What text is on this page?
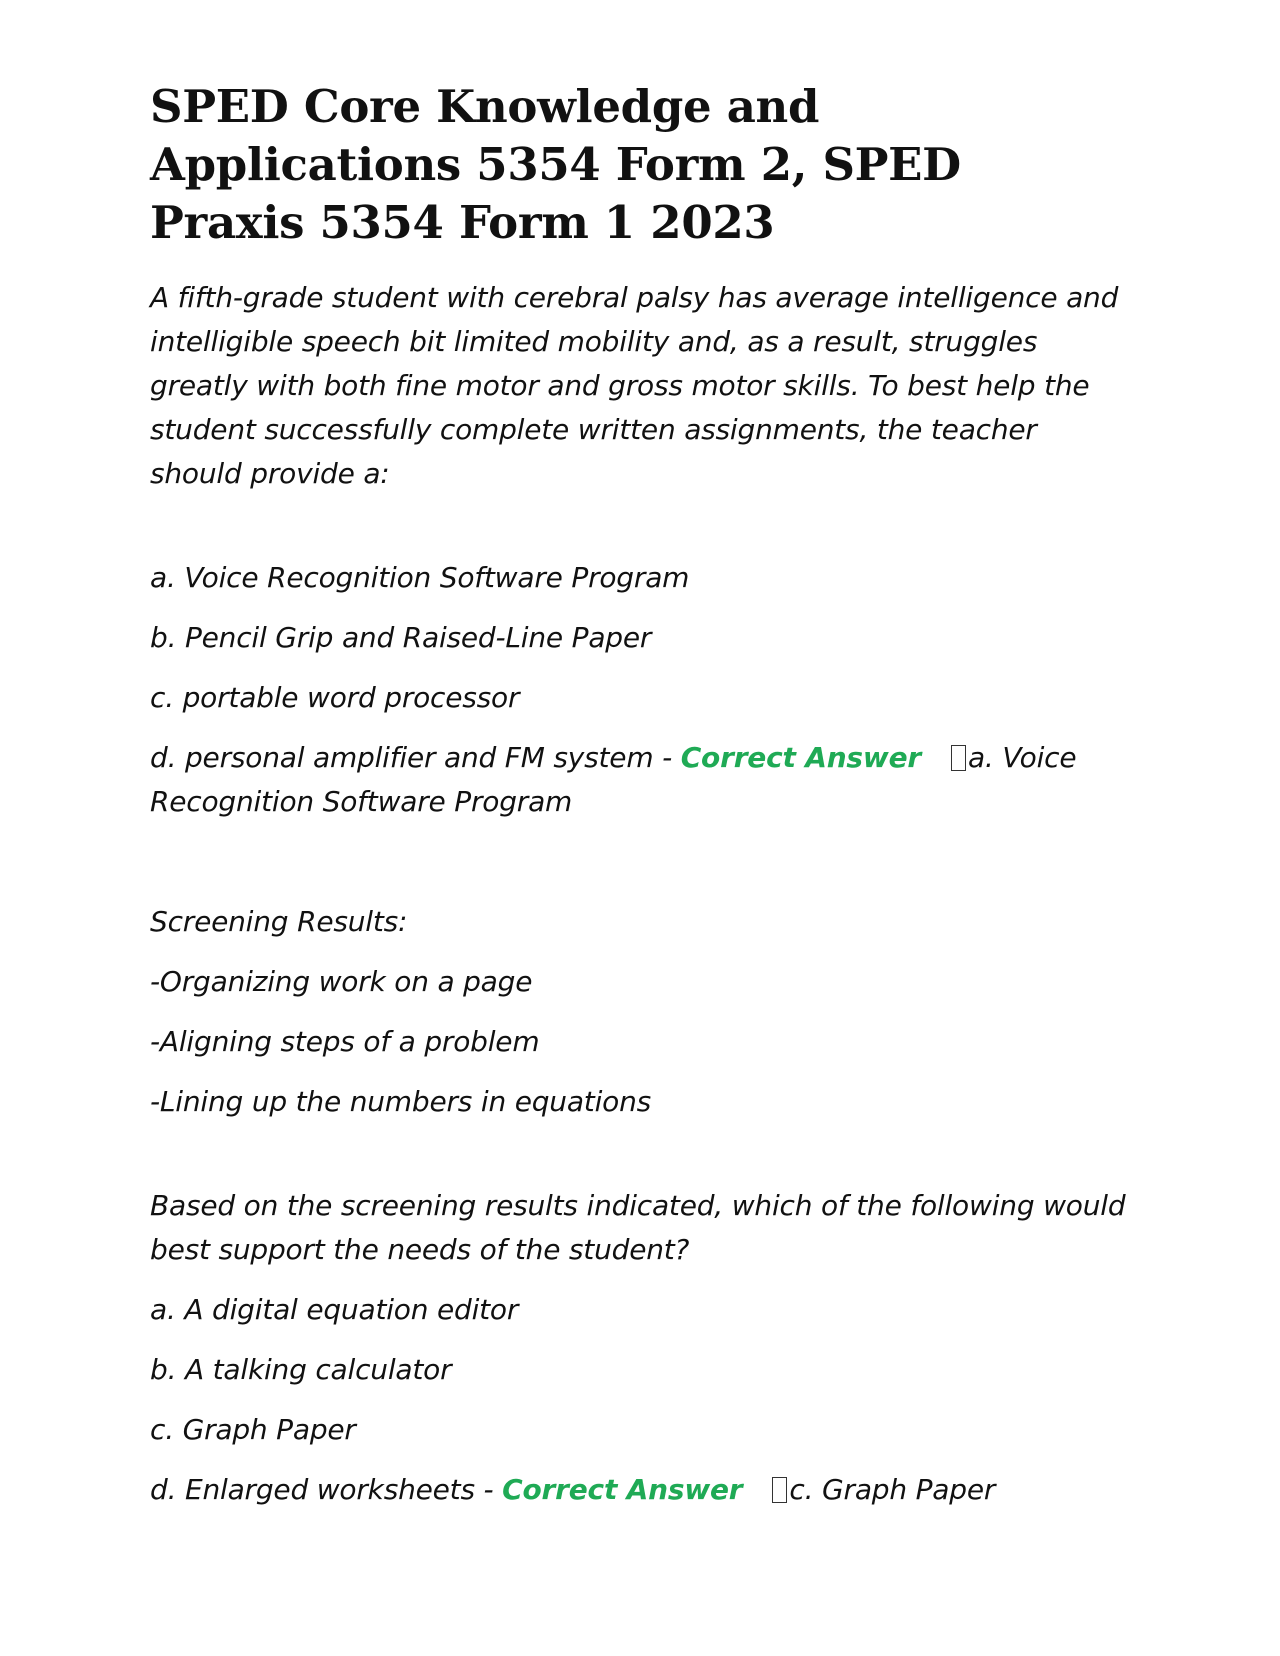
SPED Core Knowledge and Applications 5354 Form 2, SPED Praxis 5354 Form 1 2023

A fifth-grade student with cerebral palsy has average intelligence and intelligible speech bit limited mobility and, as a result, struggles greatly with both fine motor and gross motor skills. To best help the student successfully complete written assignments, the teacher should provide a:

a. Voice Recognition Software Program

b. Pencil Grip and Raised-Line Paper

c. portable word processor

d. personal amplifier and FM system - Correct Answer a. Voice Recognition Software Program

Screening Results:

-Organizing work on a page

-Aligning steps of a problem

-Lining up the numbers in equations

Based on the screening results indicated, which of the following would best support the needs of the student?

a. A digital equation editor

b. A talking calculator

c. Graph Paper

d. Enlarged worksheets - Correct Answer c. Graph Paper
